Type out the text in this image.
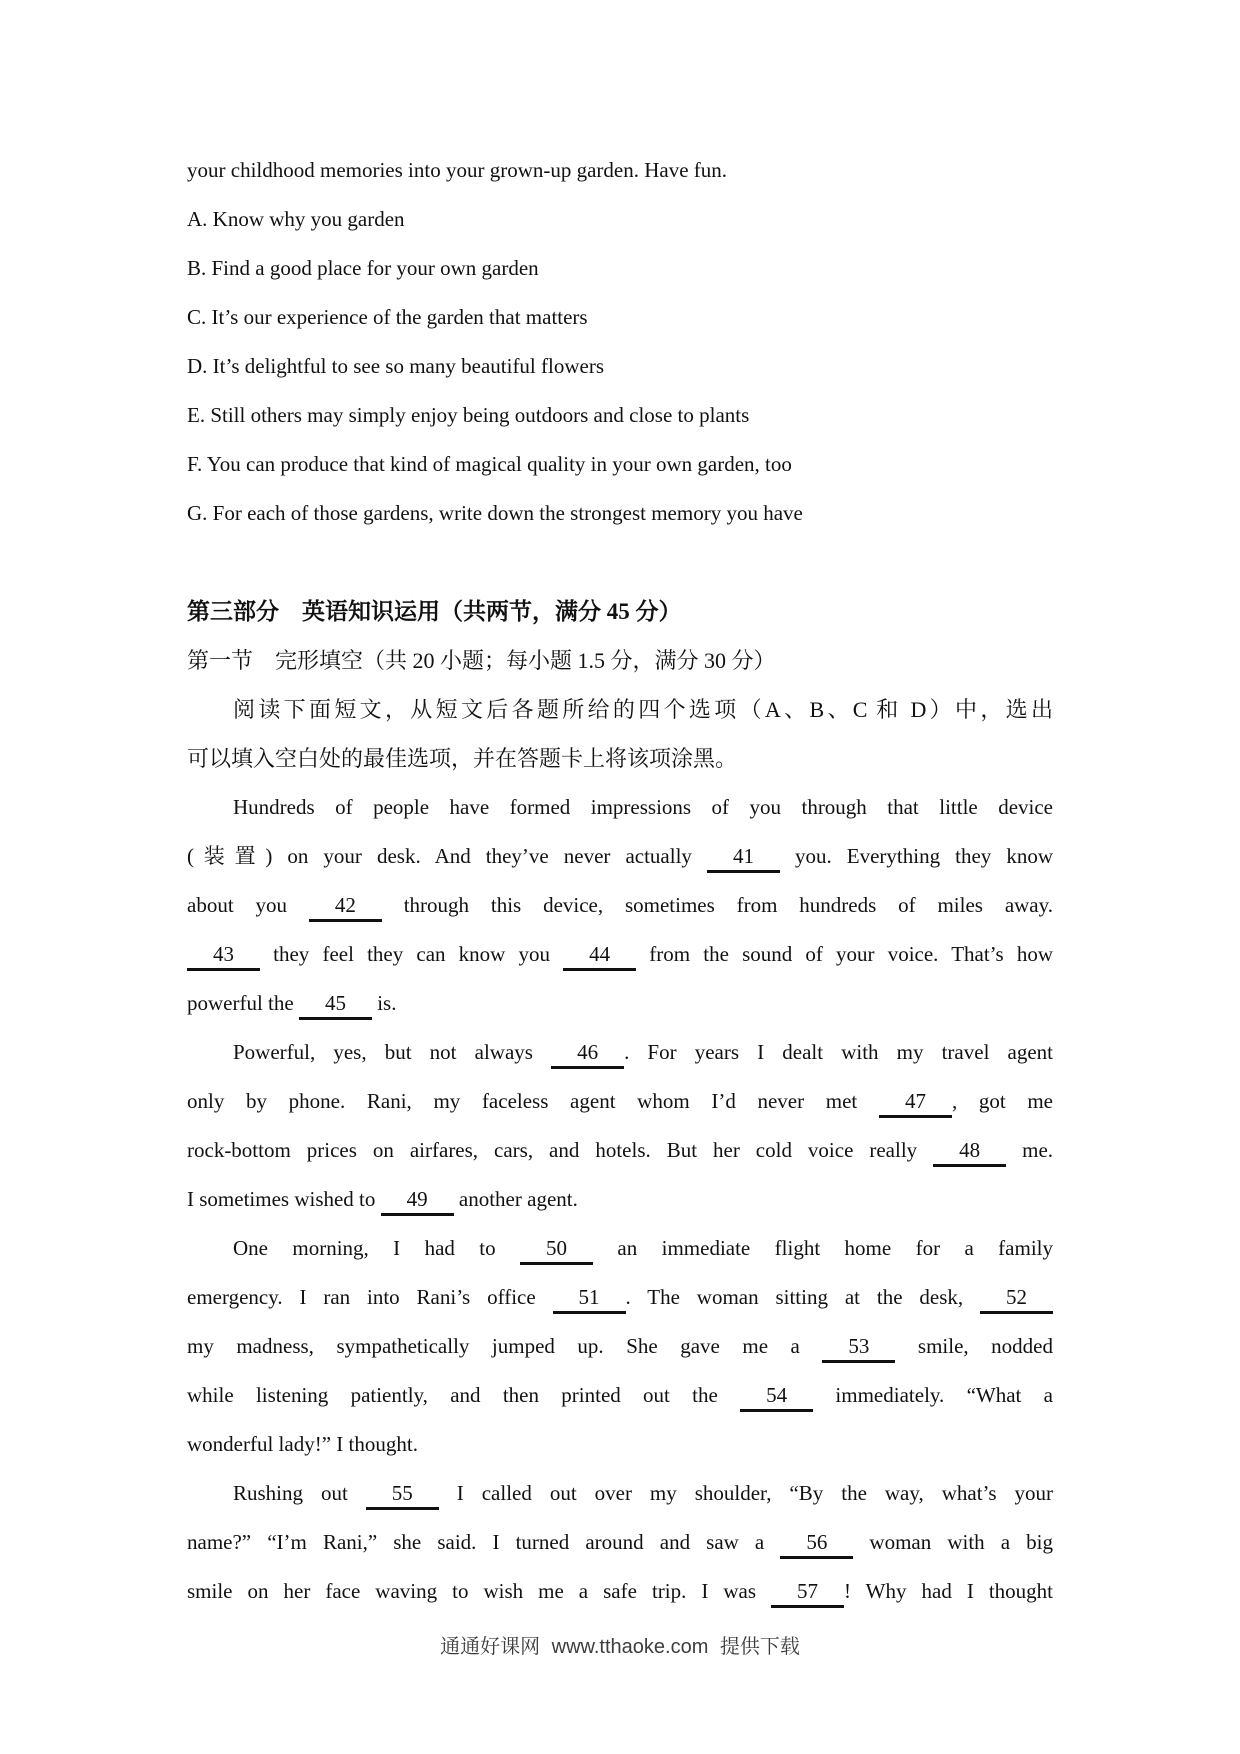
your childhood memories into your grown-up garden. Have fun.
A. Know why you garden
B. Find a good place for your own garden
C. It’s our experience of the garden that matters
D. It’s delightful to see so many beautiful flowers
E. Still others may simply enjoy being outdoors and close to plants
F. You can produce that kind of magical quality in your own garden, too
G. For each of those gardens, write down the strongest memory you have
第三部分　英语知识运用（共两节，满分 45 分）
第一节　完形填空（共 20 小题；每小题 1.5 分，满分 30 分）
阅读下面短文，从短文后各题所给的四个选项（A、B、C 和 D）中，选出
可以填入空白处的最佳选项，并在答题卡上将该项涂黑。
Hundreds of people have formed impressions of you through that little device
(装置) on your desk. And they’ve never actually 41 you. Everything they know
about you 42 through this device, sometimes from hundreds of miles away.
43 they feel they can know you 44 from the sound of your voice. That’s how
powerful the 45 is.
Powerful, yes, but not always 46 . For years I dealt with my travel agent
only by phone. Rani, my faceless agent whom I’d never met 47 , got me
rock-bottom prices on airfares, cars, and hotels. But her cold voice really 48 me.
I sometimes wished to 49 another agent.
One morning, I had to 50 an immediate flight home for a family
emergency. I ran into Rani’s office 51 . The woman sitting at the desk, 52
my madness, sympathetically jumped up. She gave me a 53 smile, nodded
while listening patiently, and then printed out the 54 immediately. “What a
wonderful lady!” I thought.
Rushing out 55 I called out over my shoulder, “By the way, what’s your
name?” “I’m Rani,” she said. I turned around and saw a 56 woman with a big
smile on her face waving to wish me a safe trip. I was 57 ! Why had I thought
通通好课网 www.tthaoke.com 提供下载
